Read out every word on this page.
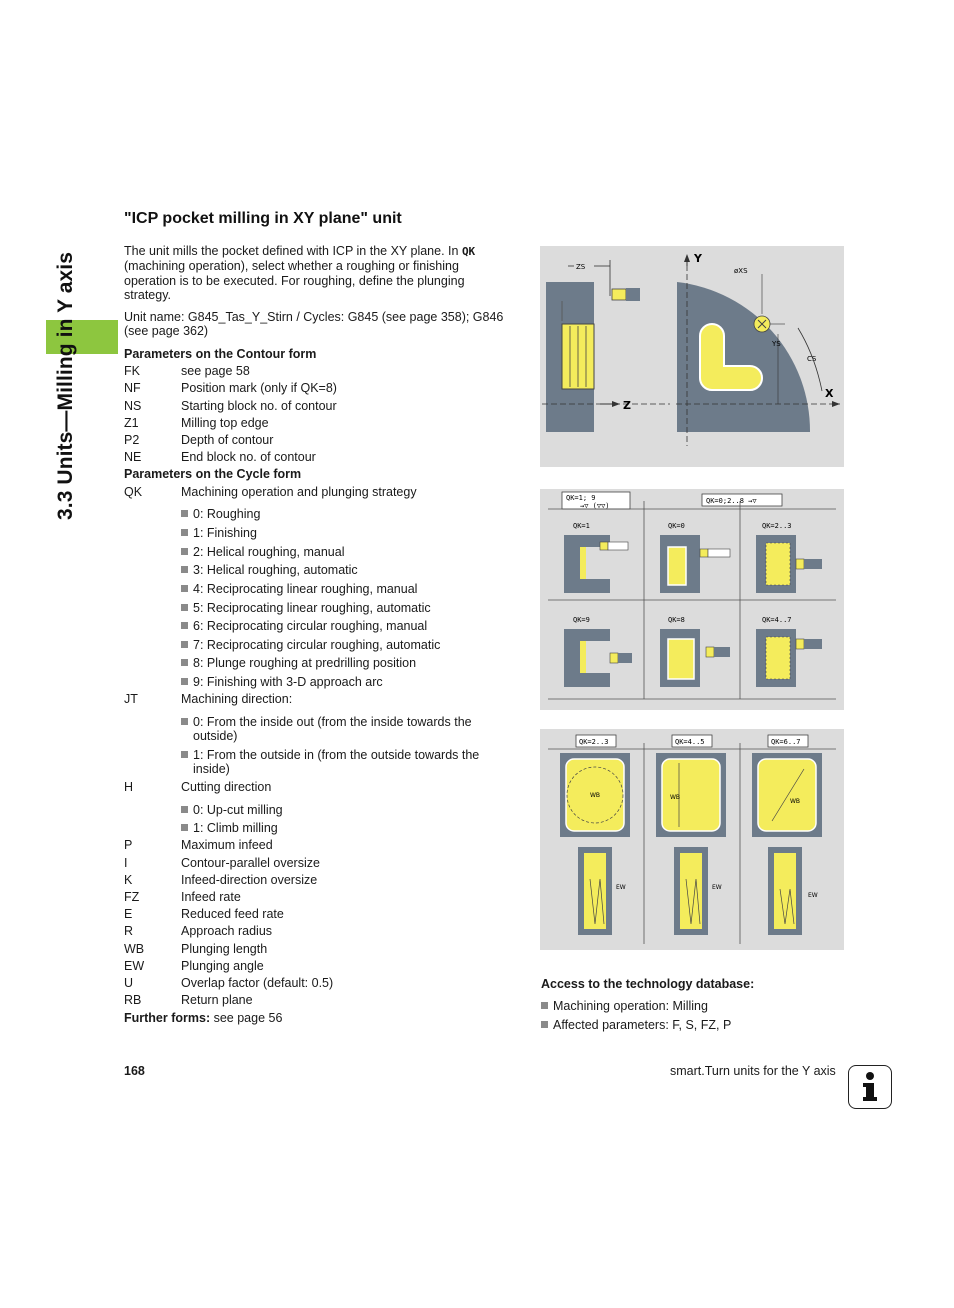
3.3 Units—Milling in Y axis
"ICP pocket milling in XY plane" unit
The unit mills the pocket defined with ICP in the XY plane. In QK (machining operation), select whether a roughing or finishing operation is to be executed. For roughing, define the plunging strategy.
Unit name: G845_Tas_Y_Stirn / Cycles: G845 (see page 358); G846 (see page 362)
Parameters on the Contour form
FK	see page 58
NF	Position mark (only if QK=8)
NS	Starting block no. of contour
Z1	Milling top edge
P2	Depth of contour
NE	End block no. of contour
Parameters on the Cycle form
QK	Machining operation and plunging strategy
0: Roughing
1: Finishing
2: Helical roughing, manual
3: Helical roughing, automatic
4: Reciprocating linear roughing, manual
5: Reciprocating linear roughing, automatic
6: Reciprocating circular roughing, manual
7: Reciprocating circular roughing, automatic
8: Plunge roughing at predrilling position
9: Finishing with 3-D approach arc
JT	Machining direction:
0: From the inside out (from the inside towards the outside)
1: From the outside in (from the outside towards the inside)
H	Cutting direction
0: Up-cut milling
1: Climb milling
P	Maximum infeed
I	Contour-parallel oversize
K	Infeed-direction oversize
FZ	Infeed rate
E	Reduced feed rate
R	Approach radius
WB	Plunging length
EW	Plunging angle
U	Overlap factor (default: 0.5)
RB	Return plane
Further forms: see page 56
ZS
Z
Y
X
øXS
YS
CS
QK=1; 9
→▽ (▽▽)
QK=0;2..8 →▽
QK=1	QK=0	QK=2..3
QK=9	QK=8	QK=4..7
QK=2..3	QK=4..5	QK=6..7
WB	WB
WB
EW	EW
EW
Access to the technology database:
Machining operation: Milling
Affected parameters: F, S, FZ, P
168	smart.Turn units for the Y axis
